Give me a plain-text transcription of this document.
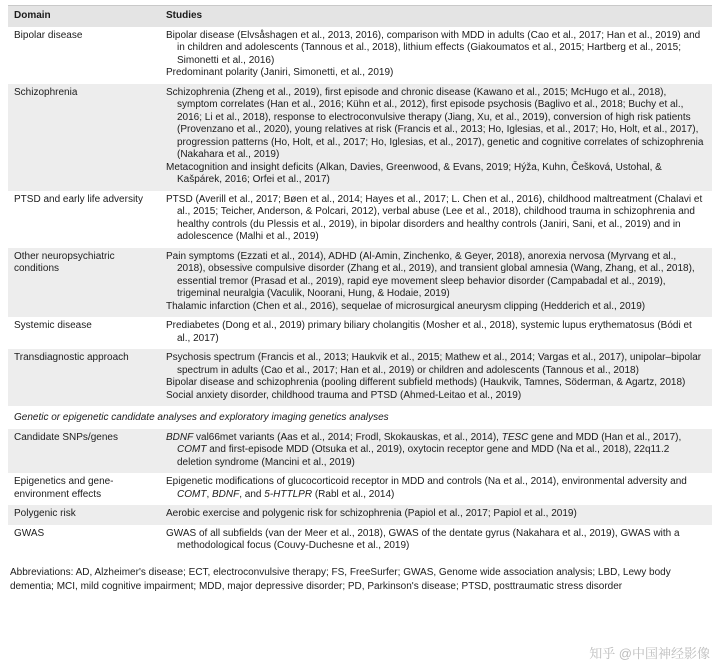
Domain	Studies
Bipolar disease	Bipolar disease (Elvsåshagen et al., 2013, 2016), comparison with MDD in adults (Cao et al., 2017; Han et al., 2019) and in children and adolescents (Tannous et al., 2018), lithium effects (Giakoumatos et al., 2015; Hartberg et al., 2015; Simonetti et al., 2016)

Predominant polarity (Janiri, Simonetti, et al., 2019)

Schizophrenia	Schizophrenia (Zheng et al., 2019), first episode and chronic disease (Kawano et al., 2015; McHugo et al., 2018), symptom correlates (Han et al., 2016; Kühn et al., 2012), first episode psychosis (Baglivo et al., 2018; Buchy et al., 2016; Li et al., 2018), response to electroconvulsive therapy (Jiang, Xu, et al., 2019), conversion of high risk patients (Provenzano et al., 2020), young relatives at risk (Francis et al., 2013; Ho, Iglesias, et al., 2017; Ho, Holt, et al., 2017), progression patterns (Ho, Holt, et al., 2017; Ho, Iglesias, et al., 2017), genetic and cognitive correlates of schizophrenia (Nakahara et al., 2019)

Metacognition and insight deficits (Alkan, Davies, Greenwood, & Evans, 2019; Hýža, Kuhn, Češková, Ustohal, & Kašpárek, 2016; Orfei et al., 2017)

PTSD and early life adversity	PTSD (Averill et al., 2017; Bøen et al., 2014; Hayes et al., 2017; L. Chen et al., 2016), childhood maltreatment (Chalavi et al., 2015; Teicher, Anderson, & Polcari, 2012), verbal abuse (Lee et al., 2018), childhood trauma in schizophrenia and healthy controls (du Plessis et al., 2019), in bipolar disorders and healthy controls (Janiri, Sani, et al., 2019) and in adolescence (Malhi et al., 2019)

Other neuropsychiatric conditions	Pain symptoms (Ezzati et al., 2014), ADHD (Al-Amin, Zinchenko, & Geyer, 2018), anorexia nervosa (Myrvang et al., 2018), obsessive compulsive disorder (Zhang et al., 2019), and transient global amnesia (Wang, Zhang, et al., 2018), essential tremor (Prasad et al., 2019), rapid eye movement sleep behavior disorder (Campabadal et al., 2019), trigeminal neuralgia (Vaculik, Noorani, Hung, & Hodaie, 2019)

Thalamic infarction (Chen et al., 2016), sequelae of microsurgical aneurysm clipping (Hedderich et al., 2019)

Systemic disease	Prediabetes (Dong et al., 2019) primary biliary cholangitis (Mosher et al., 2018), systemic lupus erythematosus (Bódi et al., 2017)

Transdiagnostic approach	Psychosis spectrum (Francis et al., 2013; Haukvik et al., 2015; Mathew et al., 2014; Vargas et al., 2017), unipolar–bipolar spectrum in adults (Cao et al., 2017; Han et al., 2019) or children and adolescents (Tannous et al., 2018)

Bipolar disease and schizophrenia (pooling different subfield methods) (Haukvik, Tamnes, Söderman, & Agartz, 2018)

Social anxiety disorder, childhood trauma and PTSD (Ahmed-Leitao et al., 2019)

Genetic or epigenetic candidate analyses and exploratory imaging genetics analyses	
Candidate SNPs/genes	BDNF val66met variants (Aas et al., 2014; Frodl, Skokauskas, et al., 2014), TESC gene and MDD (Han et al., 2017), COMT and first-episode MDD (Otsuka et al., 2019), oxytocin receptor gene and MDD (Na et al., 2018), 22q11.2 deletion syndrome (Mancini et al., 2019)

Epigenetics and gene-environment effects	Epigenetic modifications of glucocorticoid receptor in MDD and controls (Na et al., 2014), environmental adversity and COMT, BDNF, and 5-HTTLPR (Rabl et al., 2014)

Polygenic risk	Aerobic exercise and polygenic risk for schizophrenia (Papiol et al., 2017; Papiol et al., 2019)

GWAS	GWAS of all subfields (van der Meer et al., 2018), GWAS of the dentate gyrus (Nakahara et al., 2019), GWAS with a methodological focus (Couvy-Duchesne et al., 2019)

Abbreviations: AD, Alzheimer's disease; ECT, electroconvulsive therapy; FS, FreeSurfer; GWAS, Genome wide association analysis; LBD, Lewy body dementia; MCI, mild cognitive impairment; MDD, major depressive disorder; PD, Parkinson's disease; PTSD, posttraumatic stress disorder
知乎 @中国神经影像
